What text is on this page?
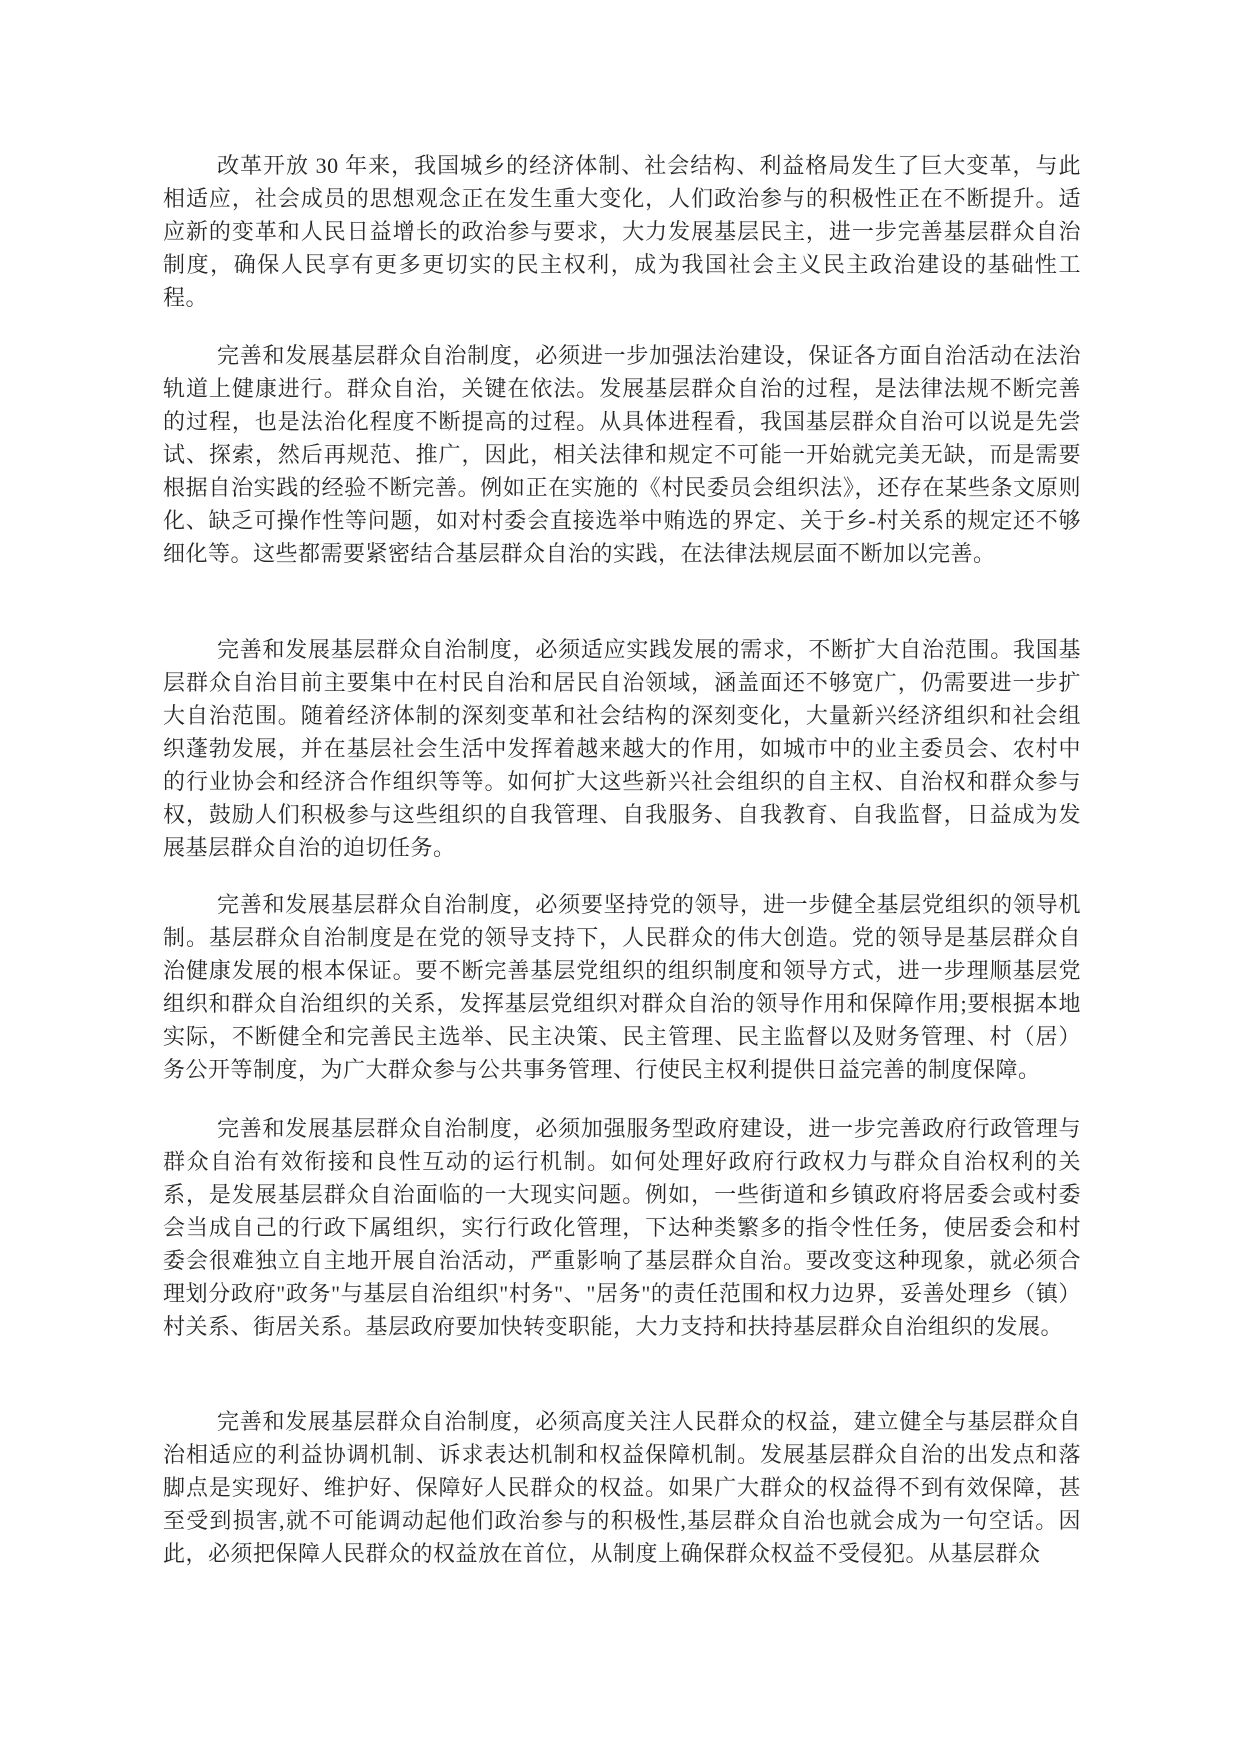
改革开放 30 年来，我国城乡的经济体制、社会结构、利益格局发生了巨大变革，与此相适应，社会成员的思想观念正在发生重大变化，人们政治参与的积极性正在不断提升。适应新的变革和人民日益增长的政治参与要求，大力发展基层民主，进一步完善基层群众自治制度，确保人民享有更多更切实的民主权利，成为我国社会主义民主政治建设的基础性工程。

完善和发展基层群众自治制度，必须进一步加强法治建设，保证各方面自治活动在法治轨道上健康进行。群众自治，关键在依法。发展基层群众自治的过程，是法律法规不断完善的过程，也是法治化程度不断提高的过程。从具体进程看，我国基层群众自治可以说是先尝试、探索，然后再规范、推广，因此，相关法律和规定不可能一开始就完美无缺，而是需要根据自治实践的经验不断完善。例如正在实施的《村民委员会组织法》，还存在某些条文原则化、缺乏可操作性等问题，如对村委会直接选举中贿选的界定、关于乡-村关系的规定还不够细化等。这些都需要紧密结合基层群众自治的实践，在法律法规层面不断加以完善。

完善和发展基层群众自治制度，必须适应实践发展的需求，不断扩大自治范围。我国基层群众自治目前主要集中在村民自治和居民自治领域，涵盖面还不够宽广，仍需要进一步扩大自治范围。随着经济体制的深刻变革和社会结构的深刻变化，大量新兴经济组织和社会组织蓬勃发展，并在基层社会生活中发挥着越来越大的作用，如城市中的业主委员会、农村中的行业协会和经济合作组织等等。如何扩大这些新兴社会组织的自主权、自治权和群众参与权，鼓励人们积极参与这些组织的自我管理、自我服务、自我教育、自我监督，日益成为发展基层群众自治的迫切任务。

完善和发展基层群众自治制度，必须要坚持党的领导，进一步健全基层党组织的领导机制。基层群众自治制度是在党的领导支持下，人民群众的伟大创造。党的领导是基层群众自治健康发展的根本保证。要不断完善基层党组织的组织制度和领导方式，进一步理顺基层党组织和群众自治组织的关系，发挥基层党组织对群众自治的领导作用和保障作用;要根据本地实际，不断健全和完善民主选举、民主决策、民主管理、民主监督以及财务管理、村（居）务公开等制度，为广大群众参与公共事务管理、行使民主权利提供日益完善的制度保障。

完善和发展基层群众自治制度，必须加强服务型政府建设，进一步完善政府行政管理与群众自治有效衔接和良性互动的运行机制。如何处理好政府行政权力与群众自治权利的关系，是发展基层群众自治面临的一大现实问题。例如，一些街道和乡镇政府将居委会或村委会当成自己的行政下属组织，实行行政化管理，下达种类繁多的指令性任务，使居委会和村委会很难独立自主地开展自治活动，严重影响了基层群众自治。要改变这种现象，就必须合理划分政府"政务"与基层自治组织"村务"、"居务"的责任范围和权力边界，妥善处理乡（镇）村关系、街居关系。基层政府要加快转变职能，大力支持和扶持基层群众自治组织的发展。

完善和发展基层群众自治制度，必须高度关注人民群众的权益，建立健全与基层群众自治相适应的利益协调机制、诉求表达机制和权益保障机制。发展基层群众自治的出发点和落脚点是实现好、维护好、保障好人民群众的权益。如果广大群众的权益得不到有效保障，甚至受到损害,就不可能调动起他们政治参与的积极性,基层群众自治也就会成为一句空话。因此，必须把保障人民群众的权益放在首位，从制度上确保群众权益不受侵犯。从基层群众
